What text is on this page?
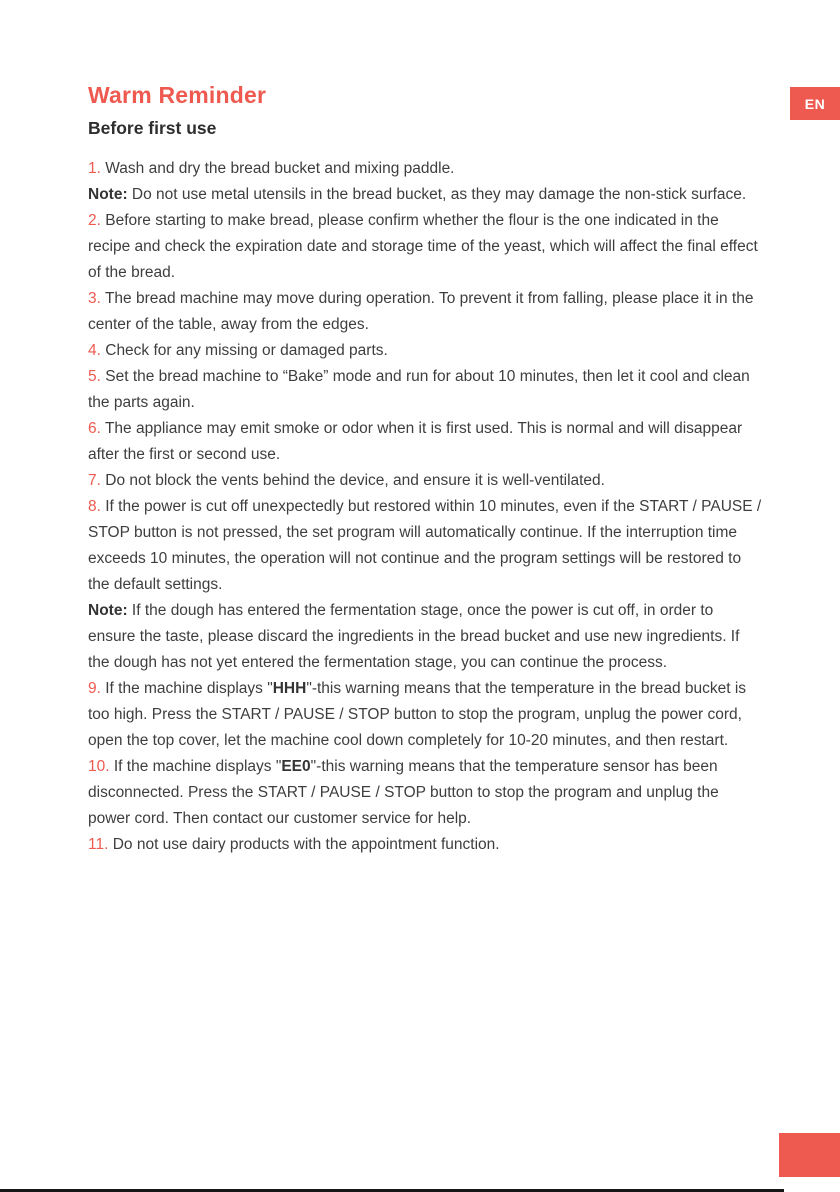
EN
Warm Reminder
Before first use

1. Wash and dry the bread bucket and mixing paddle.

Note: Do not use metal utensils in the bread bucket, as they may damage the non-stick surface.

2. Before starting to make bread, please confirm whether the flour is the one indicated in the recipe and check the expiration date and storage time of the yeast, which will affect the final effect of the bread.

3. The bread machine may move during operation. To prevent it from falling, please place it in the center of the table, away from the edges.

4. Check for any missing or damaged parts.

5. Set the bread machine to “Bake” mode and run for about 10 minutes, then let it cool and clean the parts again.

6. The appliance may emit smoke or odor when it is first used. This is normal and will disappear after the first or second use.

7. Do not block the vents behind the device, and ensure it is well-ventilated.

8. If the power is cut off unexpectedly but restored within 10 minutes, even if the START / PAUSE / STOP button is not pressed, the set program will automatically continue. If the interruption time exceeds 10 minutes, the operation will not continue and the program settings will be restored to the default settings.

Note: If the dough has entered the fermentation stage, once the power is cut off, in order to ensure the taste, please discard the ingredients in the bread bucket and use new ingredients. If the dough has not yet entered the fermentation stage, you can continue the process.

9. If the machine displays "HHH"-this warning means that the temperature in the bread bucket is too high. Press the START / PAUSE / STOP button to stop the program, unplug the power cord, open the top cover, let the machine cool down completely for 10-20 minutes, and then restart.

10. If the machine displays "EE0"-this warning means that the temperature sensor has been disconnected. Press the START / PAUSE / STOP button to stop the program and unplug the power cord. Then contact our customer service for help.

11. Do not use dairy products with the appointment function.
